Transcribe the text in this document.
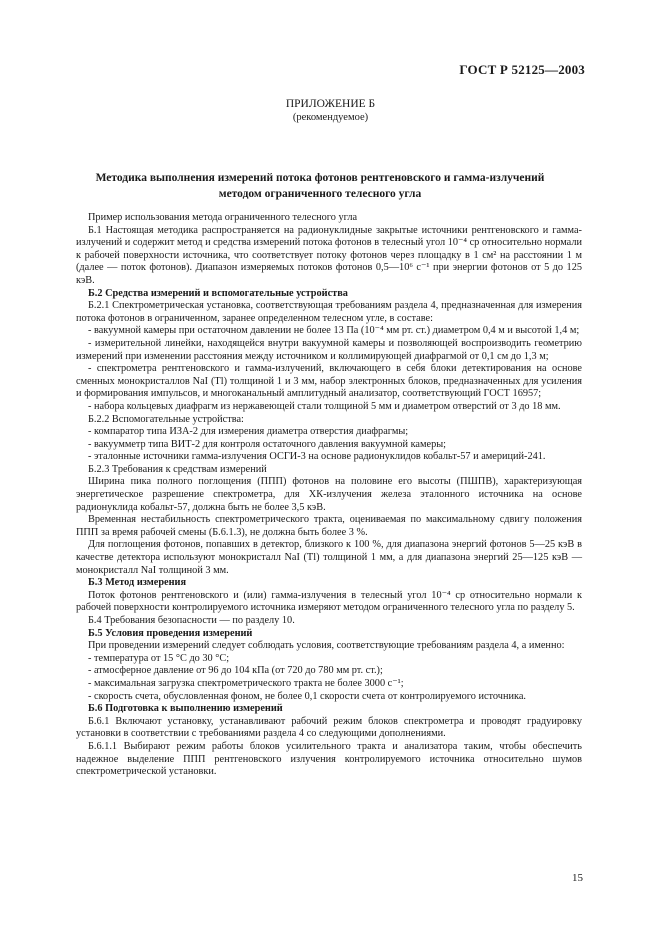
ГОСТ Р 52125—2003
ПРИЛОЖЕНИЕ Б
(рекомендуемое)
Методика выполнения измерений потока фотонов рентгеновского и гамма-излучений
методом ограниченного телесного угла

Пример использования метода ограниченного телесного угла

Б.1 Настоящая методика распространяется на радионуклидные закрытые источники рентгеновского и гамма-излучений и содержит метод и средства измерений потока фотонов в телесный угол 10⁻⁴ ср относительно нормали к рабочей поверхности источника, что соответствует потоку фотонов через площадку в 1 см² на расстоянии 1 м (далее — поток фотонов). Диапазон измеряемых потоков фотонов 0,5—10⁶ с⁻¹ при энергии фотонов от 5 до 125 кэВ.

Б.2 Средства измерений и вспомогательные устройства

Б.2.1 Спектрометрическая установка, соответствующая требованиям раздела 4, предназначенная для измерения потока фотонов в ограниченном, заранее определенном телесном угле, в составе:

- вакуумной камеры при остаточном давлении не более 13 Па (10⁻⁴ мм рт. ст.) диаметром 0,4 м и высотой 1,4 м;

- измерительной линейки, находящейся внутри вакуумной камеры и позволяющей воспроизводить геометрию измерений при изменении расстояния между источником и коллимирующей диафрагмой от 0,1 см до 1,3 м;

- спектрометра рентгеновского и гамма-излучений, включающего в себя блоки детектирования на основе сменных монокристаллов NaI (Tl) толщиной 1 и 3 мм, набор электронных блоков, предназначенных для усиления и формирования импульсов, и многоканальный амплитудный анализатор, соответствующий ГОСТ 16957;

- набора кольцевых диафрагм из нержавеющей стали толщиной 5 мм и диаметром отверстий от 3 до 18 мм.

Б.2.2 Вспомогательные устройства:

- компаратор типа ИЗА-2 для измерения диаметра отверстия диафрагмы;

- вакуумметр типа ВИТ-2 для контроля остаточного давления вакуумной камеры;

- эталонные источники гамма-излучения ОСГИ-3 на основе радионуклидов кобальт-57 и америций-241.

Б.2.3 Требования к средствам измерений

Ширина пика полного поглощения (ППП) фотонов на половине его высоты (ПШПВ), характеризующая энергетическое разрешение спектрометра, для ХК-излучения железа эталонного источника на основе радионуклида кобальт-57, должна быть не более 3,5 кэВ.

Временная нестабильность спектрометрического тракта, оцениваемая по максимальному сдвигу положения ППП за время рабочей смены (Б.6.1.3), не должна быть более 3 %.

Для поглощения фотонов, попавших в детектор, близкого к 100 %, для диапазона энергий фотонов 5—25 кэВ в качестве детектора используют монокристалл NaI (Tl) толщиной 1 мм, а для диапазона энергий 25—125 кэВ — монокристалл NaI толщиной 3 мм.

Б.3 Метод измерения

Поток фотонов рентгеновского и (или) гамма-излучения в телесный угол 10⁻⁴ ср относительно нормали к рабочей поверхности контролируемого источника измеряют методом ограниченного телесного угла по разделу 5.

Б.4 Требования безопасности — по разделу 10.

Б.5 Условия проведения измерений

При проведении измерений следует соблюдать условия, соответствующие требованиям раздела 4, а именно:

- температура от 15 °С до 30 °С;

- атмосферное давление от 96 до 104 кПа (от 720 до 780 мм рт. ст.);

- максимальная загрузка спектрометрического тракта не более 3000 с⁻¹;

- скорость счета, обусловленная фоном, не более 0,1 скорости счета от контролируемого источника.

Б.6 Подготовка к выполнению измерений

Б.6.1 Включают установку, устанавливают рабочий режим блоков спектрометра и проводят градуировку установки в соответствии с требованиями раздела 4 со следующими дополнениями.

Б.6.1.1 Выбирают режим работы блоков усилительного тракта и анализатора таким, чтобы обеспечить надежное выделение ППП рентгеновского излучения контролируемого источника относительно шумов спектрометрической установки.

15
